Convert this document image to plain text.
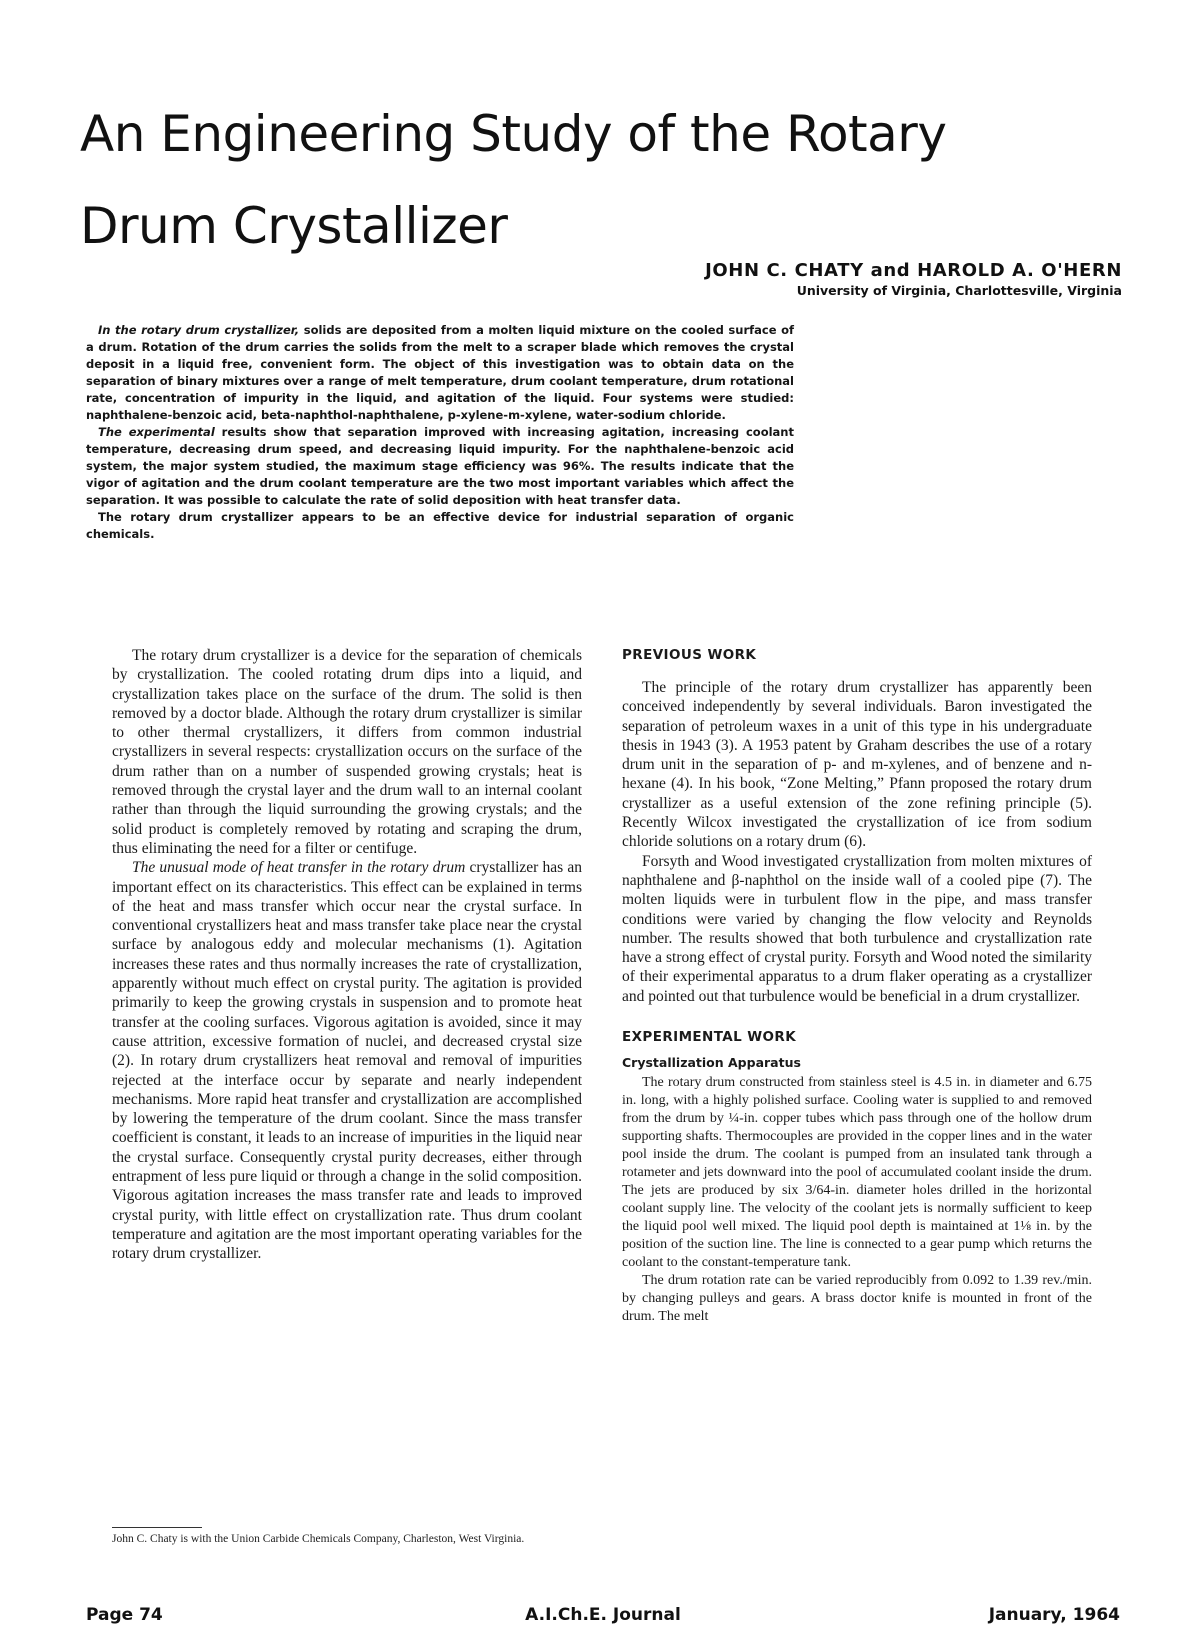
An Engineering Study of the Rotary
Drum Crystallizer
JOHN C. CHATY and HAROLD A. O'HERN
University of Virginia, Charlottesville, Virginia

In the rotary drum crystallizer, solids are deposited from a molten liquid mixture on the cooled surface of a drum. Rotation of the drum carries the solids from the melt to a scraper blade which removes the crystal deposit in a liquid free, convenient form. The object of this investigation was to obtain data on the separation of binary mixtures over a range of melt temperature, drum coolant temperature, drum rotational rate, concentration of impurity in the liquid, and agitation of the liquid. Four systems were studied: naphthalene-benzoic acid, beta-naphthol-naphthalene, p-xylene-m-xylene, water-sodium chloride.

The experimental results show that separation improved with increasing agitation, increasing coolant temperature, decreasing drum speed, and decreasing liquid impurity. For the naphthalene-benzoic acid system, the major system studied, the maximum stage efficiency was 96%. The results indicate that the vigor of agitation and the drum coolant temperature are the two most important variables which affect the separation. It was possible to calculate the rate of solid deposition with heat transfer data.

The rotary drum crystallizer appears to be an effective device for industrial separation of organic chemicals.

The rotary drum crystallizer is a device for the separation of chemicals by crystallization. The cooled rotating drum dips into a liquid, and crystallization takes place on the surface of the drum. The solid is then removed by a doctor blade. Although the rotary drum crystallizer is similar to other thermal crystallizers, it differs from common industrial crystallizers in several respects: crystallization occurs on the surface of the drum rather than on a number of suspended growing crystals; heat is removed through the crystal layer and the drum wall to an internal coolant rather than through the liquid surrounding the growing crystals; and the solid product is completely removed by rotating and scraping the drum, thus eliminating the need for a filter or centifuge.

The unusual mode of heat transfer in the rotary drum crystallizer has an important effect on its characteristics. This effect can be explained in terms of the heat and mass transfer which occur near the crystal surface. In conventional crystallizers heat and mass transfer take place near the crystal surface by analogous eddy and molecular mechanisms (1). Agitation increases these rates and thus normally increases the rate of crystallization, apparently without much effect on crystal purity. The agitation is provided primarily to keep the growing crystals in suspension and to promote heat transfer at the cooling surfaces. Vigorous agitation is avoided, since it may cause attrition, excessive formation of nuclei, and decreased crystal size (2). In rotary drum crystallizers heat removal and removal of impurities rejected at the interface occur by separate and nearly independent mechanisms. More rapid heat transfer and crystallization are accomplished by lowering the temperature of the drum coolant. Since the mass transfer coefficient is constant, it leads to an increase of impurities in the liquid near the crystal surface. Consequently crystal purity decreases, either through entrapment of less pure liquid or through a change in the solid composition. Vigorous agitation increases the mass transfer rate and leads to improved crystal purity, with little effect on crystallization rate. Thus drum coolant temperature and agitation are the most important operating variables for the rotary drum crystallizer.

John C. Chaty is with the Union Carbide Chemicals Company, Charleston, West Virginia.
PREVIOUS WORK

The principle of the rotary drum crystallizer has apparently been conceived independently by several individuals. Baron investigated the separation of petroleum waxes in a unit of this type in his undergraduate thesis in 1943 (3). A 1953 patent by Graham describes the use of a rotary drum unit in the separation of p- and m-xylenes, and of benzene and n-hexane (4). In his book, “Zone Melting,” Pfann proposed the rotary drum crystallizer as a useful extension of the zone refining principle (5). Recently Wilcox investigated the crystallization of ice from sodium chloride solutions on a rotary drum (6).

Forsyth and Wood investigated crystallization from molten mixtures of naphthalene and β-naphthol on the inside wall of a cooled pipe (7). The molten liquids were in turbulent flow in the pipe, and mass transfer conditions were varied by changing the flow velocity and Reynolds number. The results showed that both turbulence and crystallization rate have a strong effect of crystal purity. Forsyth and Wood noted the similarity of their experimental apparatus to a drum flaker operating as a crystallizer and pointed out that turbulence would be beneficial in a drum crystallizer.

EXPERIMENTAL WORK
Crystallization Apparatus

The rotary drum constructed from stainless steel is 4.5 in. in diameter and 6.75 in. long, with a highly polished surface. Cooling water is supplied to and removed from the drum by ¼-in. copper tubes which pass through one of the hollow drum supporting shafts. Thermocouples are provided in the copper lines and in the water pool inside the drum. The coolant is pumped from an insulated tank through a rotameter and jets downward into the pool of accumulated coolant inside the drum. The jets are produced by six 3/64-in. diameter holes drilled in the horizontal coolant supply line. The velocity of the coolant jets is normally sufficient to keep the liquid pool well mixed. The liquid pool depth is maintained at 1⅛ in. by the position of the suction line. The line is connected to a gear pump which returns the coolant to the constant-temperature tank.

The drum rotation rate can be varied reproducibly from 0.092 to 1.39 rev./min. by changing pulleys and gears. A brass doctor knife is mounted in front of the drum. The melt

Page 74	A.I.Ch.E. Journal	January, 1964
